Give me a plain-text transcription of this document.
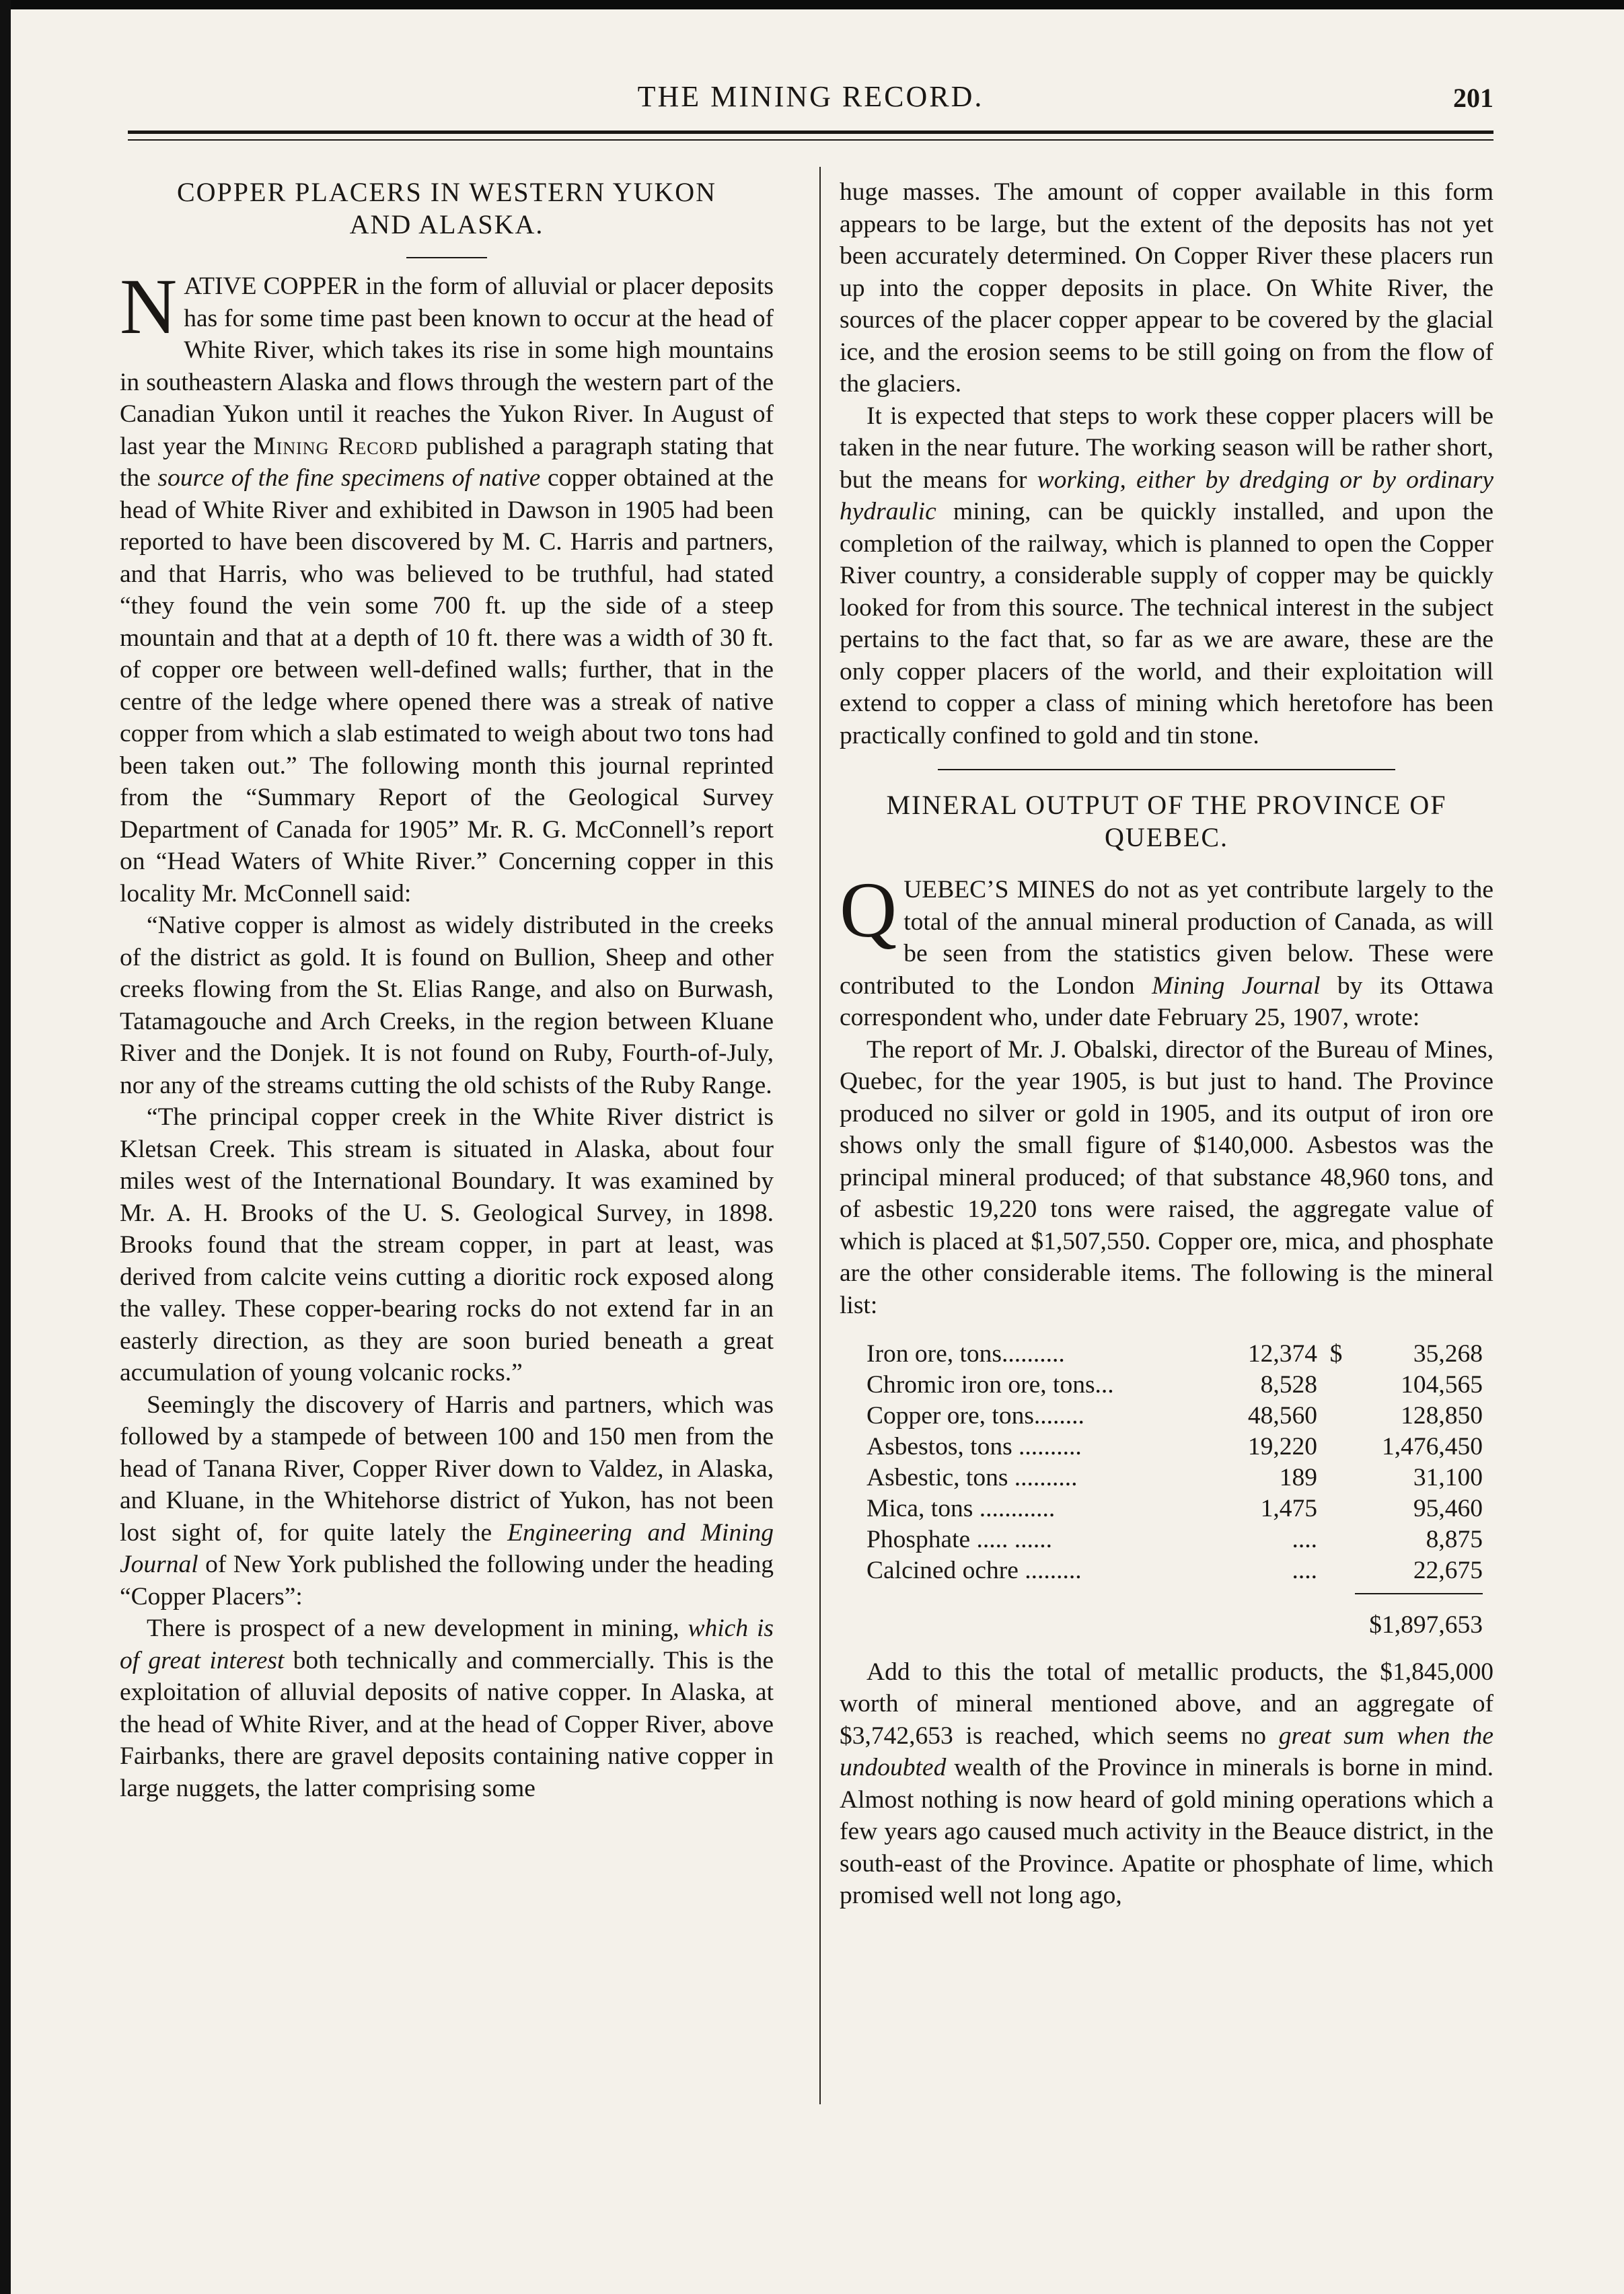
THE MINING RECORD.	201
COPPER PLACERS IN WESTERN YUKON
AND ALASKA.

NATIVE COPPER in the form of alluvial or placer deposits has for some time past been known to occur at the head of White River, which takes its rise in some high mountains in southeastern Alaska and flows through the western part of the Canadian Yukon until it reaches the Yukon River. In August of last year the Mining Record published a paragraph stating that the source of the fine specimens of native copper obtained at the head of White River and exhibited in Dawson in 1905 had been reported to have been discovered by M. C. Harris and partners, and that Harris, who was believed to be truthful, had stated “they found the vein some 700 ft. up the side of a steep mountain and that at a depth of 10 ft. there was a width of 30 ft. of copper ore between well-defined walls; further, that in the centre of the ledge where opened there was a streak of native copper from which a slab estimated to weigh about two tons had been taken out.” The following month this journal reprinted from the “Summary Report of the Geological Survey Department of Canada for 1905” Mr. R. G. McConnell’s report on “Head Waters of White River.” Concerning copper in this locality Mr. McConnell said:

“Native copper is almost as widely distributed in the creeks of the district as gold. It is found on Bullion, Sheep and other creeks flowing from the St. Elias Range, and also on Burwash, Tatamagouche and Arch Creeks, in the region between Kluane River and the Donjek. It is not found on Ruby, Fourth-of-July, nor any of the streams cutting the old schists of the Ruby Range.

“The principal copper creek in the White River district is Kletsan Creek. This stream is situated in Alaska, about four miles west of the International Boundary. It was examined by Mr. A. H. Brooks of the U. S. Geological Survey, in 1898. Brooks found that the stream copper, in part at least, was derived from calcite veins cutting a dioritic rock exposed along the valley. These copper-bearing rocks do not extend far in an easterly direction, as they are soon buried beneath a great accumulation of young volcanic rocks.”

Seemingly the discovery of Harris and partners, which was followed by a stampede of between 100 and 150 men from the head of Tanana River, Copper River down to Valdez, in Alaska, and Kluane, in the Whitehorse district of Yukon, has not been lost sight of, for quite lately the Engineering and Mining Journal of New York published the following under the heading “Copper Placers”:

There is prospect of a new development in mining, which is of great interest both technically and commercially. This is the exploitation of alluvial deposits of native copper. In Alaska, at the head of White River, and at the head of Copper River, above Fairbanks, there are gravel deposits containing native copper in large nuggets, the latter comprising some

huge masses. The amount of copper available in this form appears to be large, but the extent of the deposits has not yet been accurately determined. On Copper River these placers run up into the copper deposits in place. On White River, the sources of the placer copper appear to be covered by the glacial ice, and the erosion seems to be still going on from the flow of the glaciers.

It is expected that steps to work these copper placers will be taken in the near future. The working season will be rather short, but the means for working, either by dredging or by ordinary hydraulic mining, can be quickly installed, and upon the completion of the railway, which is planned to open the Copper River country, a considerable supply of copper may be quickly looked for from this source. The technical interest in the subject pertains to the fact that, so far as we are aware, these are the only copper placers of the world, and their exploitation will extend to copper a class of mining which heretofore has been practically confined to gold and tin stone.

MINERAL OUTPUT OF THE PROVINCE OF
QUEBEC.

QUEBEC’S MINES do not as yet contribute largely to the total of the annual mineral production of Canada, as will be seen from the statistics given below. These were contributed to the London Mining Journal by its Ottawa correspondent who, under date February 25, 1907, wrote:

The report of Mr. J. Obalski, director of the Bureau of Mines, Quebec, for the year 1905, is but just to hand. The Province produced no silver or gold in 1905, and its output of iron ore shows only the small figure of $140,000. Asbestos was the principal mineral produced; of that substance 48,960 tons, and of asbestic 19,220 tons were raised, the aggregate value of which is placed at $1,507,550. Copper ore, mica, and phosphate are the other considerable items. The following is the mineral list:

Iron ore, tons..........	12,374	$	35,268
Chromic iron ore, tons...	8,528		104,565
Copper ore, tons........	48,560		128,850
Asbestos, tons ..........	19,220		1,476,450
Asbestic, tons ..........	189		31,100
Mica, tons ............	1,475		95,460
Phosphate ..... ......	....		8,875
Calcined ochre .........	....		22,675

$1,897,653

Add to this the total of metallic products, the $1,845,000 worth of mineral mentioned above, and an aggregate of $3,742,653 is reached, which seems no great sum when the undoubted wealth of the Province in minerals is borne in mind. Almost nothing is now heard of gold mining operations which a few years ago caused much activity in the Beauce district, in the south-east of the Province. Apatite or phosphate of lime, which promised well not long ago,
